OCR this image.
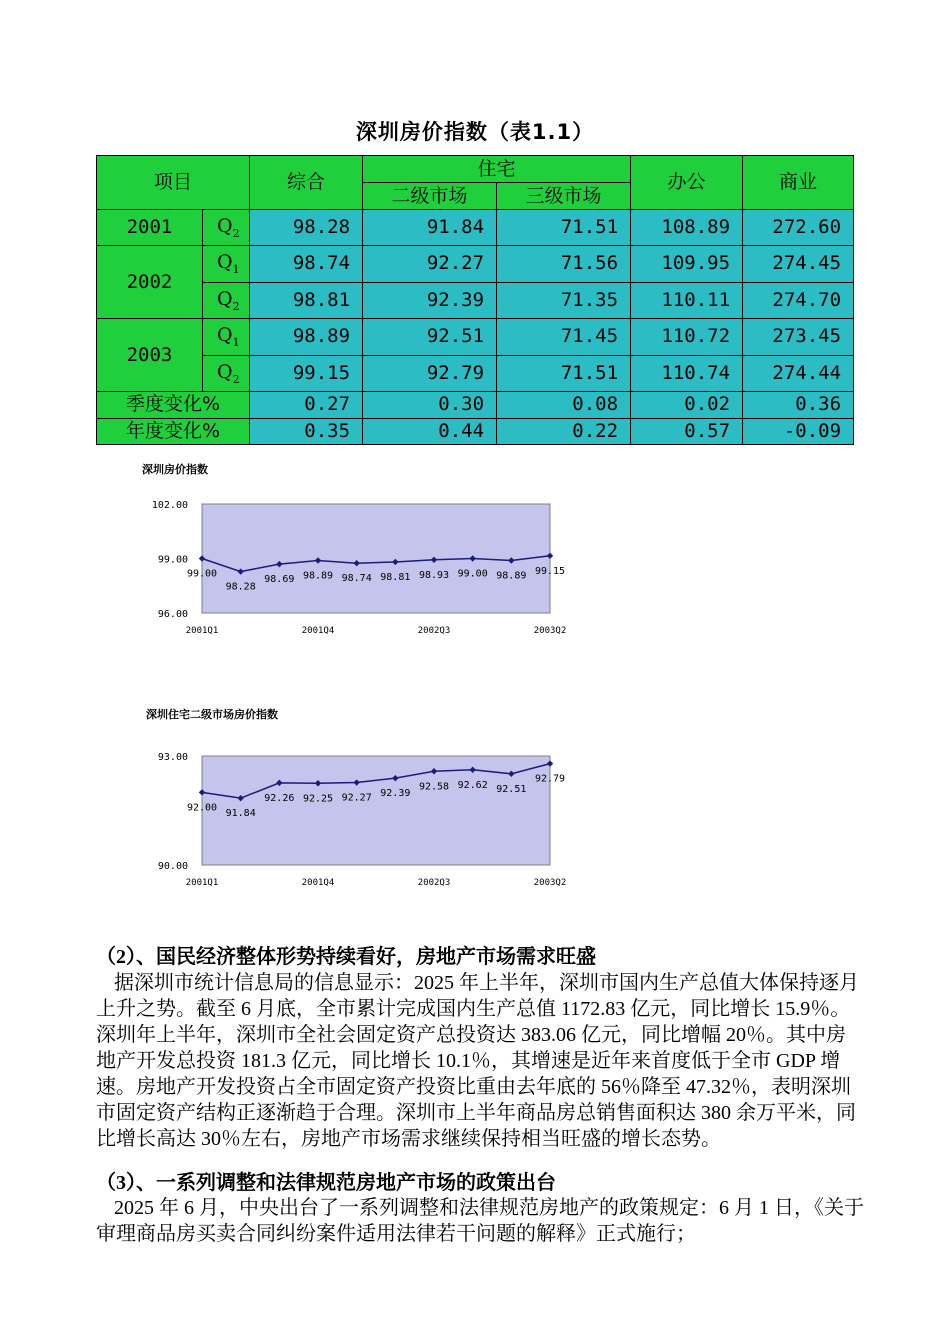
深圳房价指数（表1.1）
项目		综合	住宅		办公	商业
			二级市场	三级市场		
2001	$Q_2$	98.28	91.84	71.51	108.89	272.60
2002	$Q_1$	98.74	92.27	71.56	109.95	274.45
	$Q_2$	98.81	92.39	71.35	110.11	274.70
2003	$Q_1$	98.89	92.51	71.45	110.72	273.45
	$Q_2$	99.15	92.79	71.51	110.74	274.44
季度变化%		0.27	0.30	0.08	0.02	0.36
年度变化%		0.35	0.44	0.22	0.57	-0.09
深圳房价指数
102.00
99.00
96.00
2001Q1	2001Q4	2002Q3	2003Q2
99.00
98.28
98.69 98.89 98.74 98.81 98.93 99.00 98.89 99.15
深圳住宅二级市场房价指数
93.00
90.00
2001Q1	2001Q4	2002Q3	2003Q2
92.00
91.84
92.26 92.25 92.27 92.39
92.58 92.62 92.51
92.79
（2）、国民经济整体形势持续看好，房地产市场需求旺盛
据深圳市统计信息局的信息显示：2025 年上半年，深圳市国内生产总值大体保持逐月上升之势。截至 6 月底，全市累计完成国内生产总值 1172.83 亿元，同比增长 15.9％。 深圳年上半年，深圳市全社会固定资产总投资达 383.06 亿元，同比增幅 20％。其中房地产开发总投资 181.3 亿元，同比增长 10.1％，其增速是近年来首度低于全市 GDP 增速。房地产开发投资占全市固定资产投资比重由去年底的 56％降至 47.32％，表明深圳市固定资产结构正逐渐趋于合理。深圳市上半年商品房总销售面积达 380 余万平米，同比增长高达 30％左右，房地产市场需求继续保持相当旺盛的增长态势。
（3）、一系列调整和法律规范房地产市场的政策出台
2025 年 6 月，中央出台了一系列调整和法律规范房地产的政策规定：6 月 1 日，《关于审理商品房买卖合同纠纷案件适用法律若干问题的解释》正式施行；
